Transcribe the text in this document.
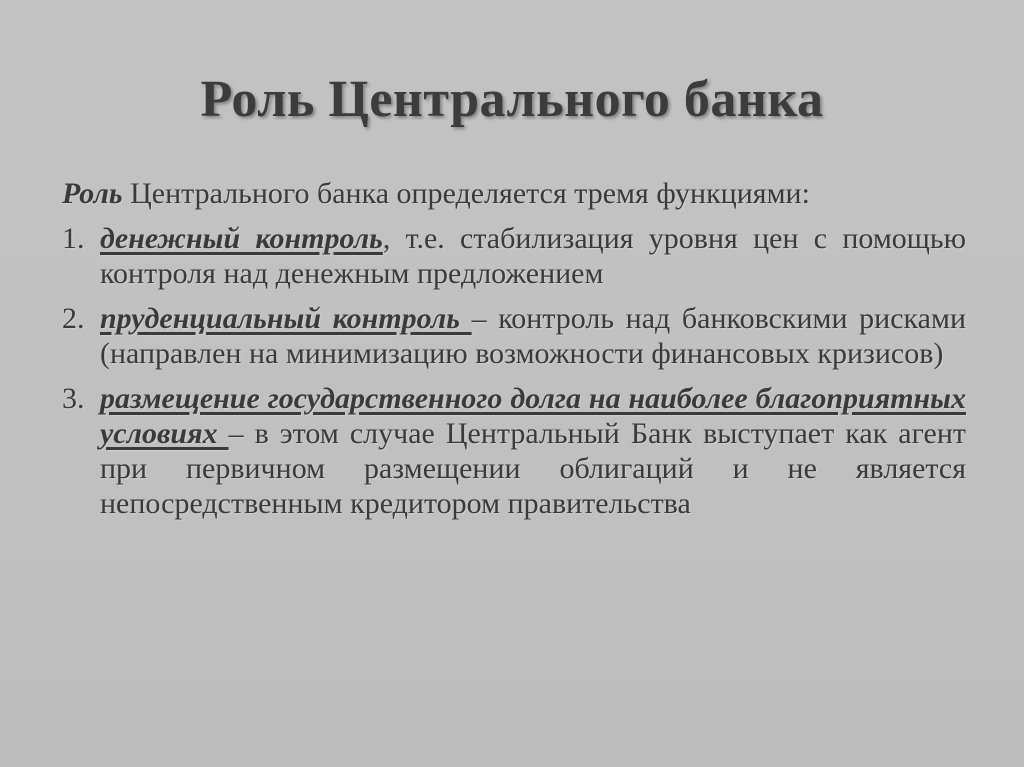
Роль Центрального банка

Роль Центрального банка определяется тремя функциями:

1. денежный контроль, т.е. стабилизация уровня цен с помощью контроля над денежным предложением

2. пруденциальный контроль – контроль над банковскими рисками (направлен на минимизацию возможности финансовых кризисов)

3. размещение государственного долга на наиболее благоприятных условиях – в этом случае Центральный Банк выступает как агент при первичном размещении облигаций и не является непосредственным кредитором правительства
